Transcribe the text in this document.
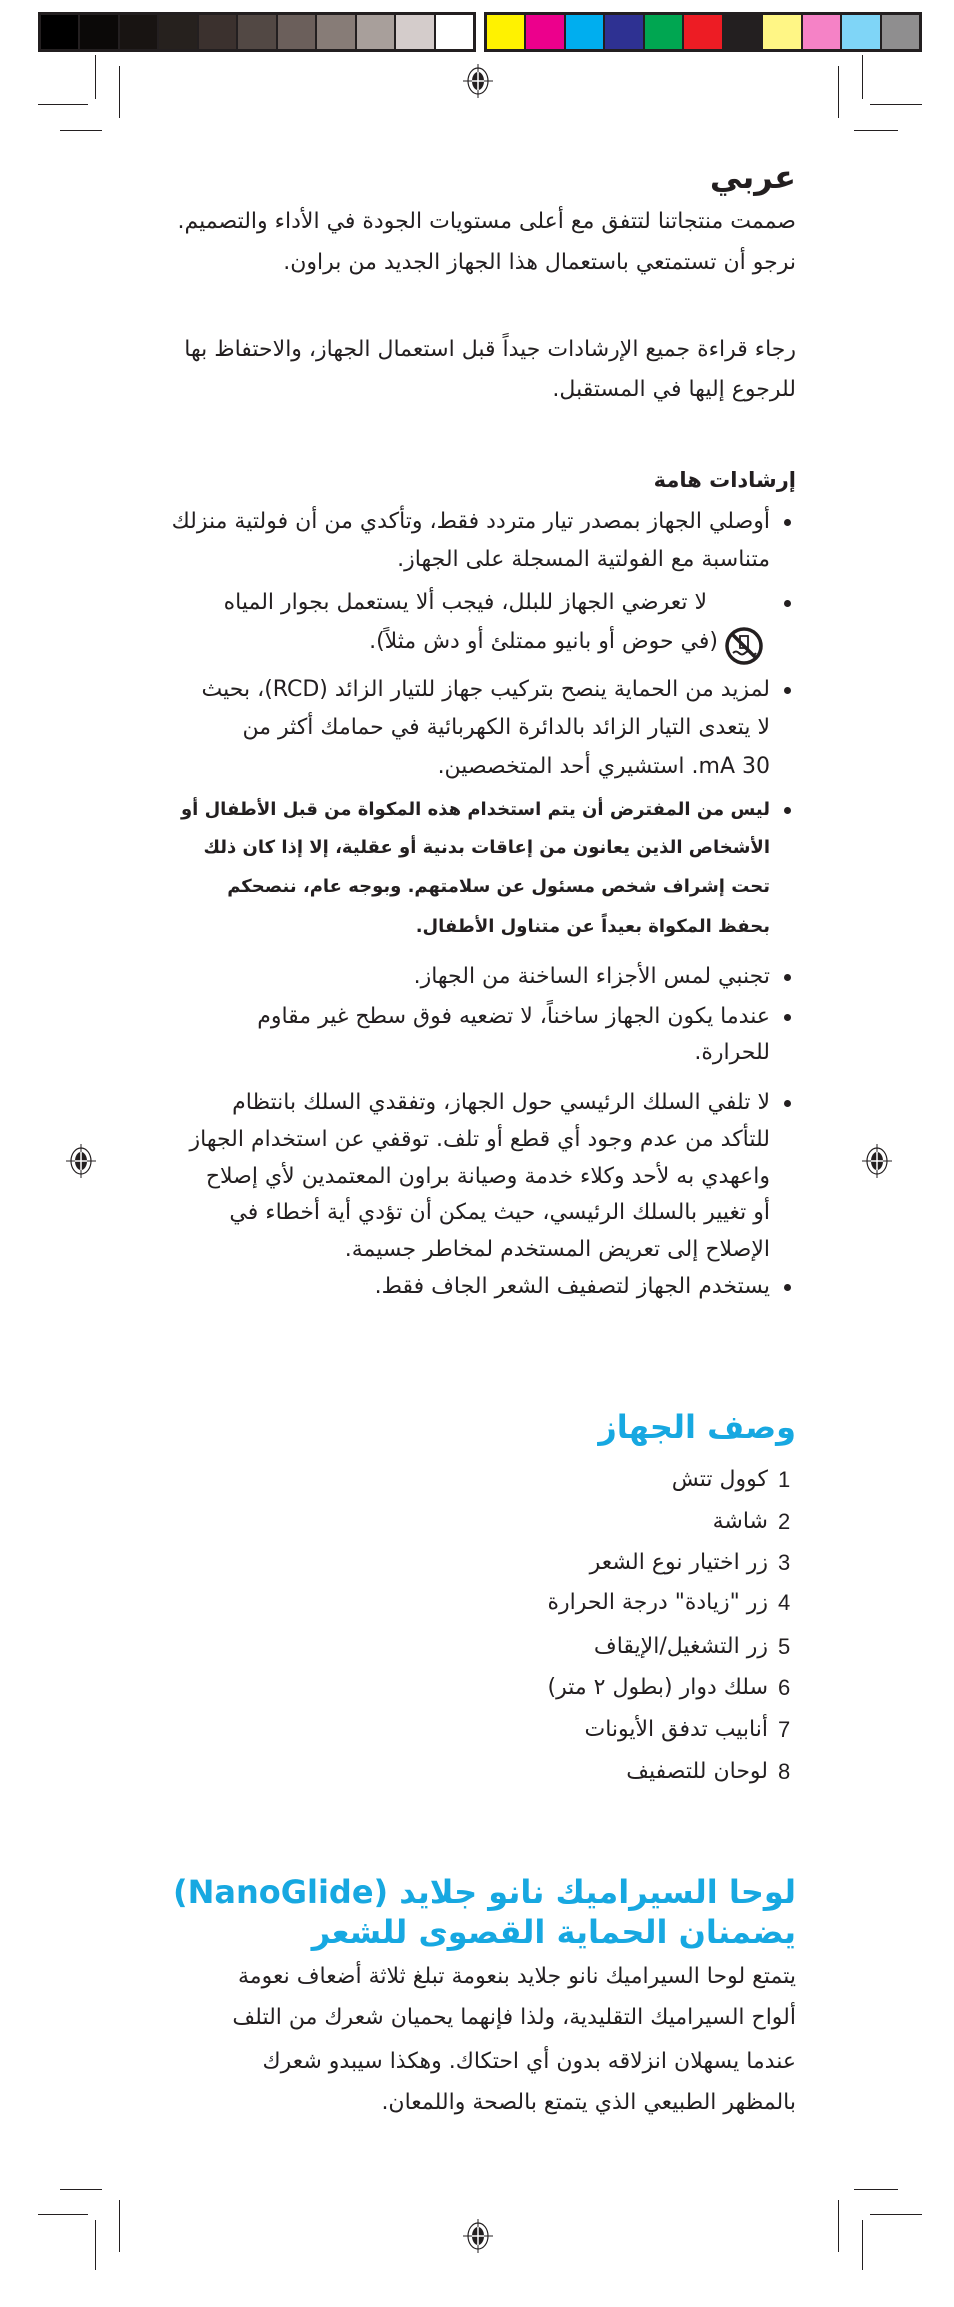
عربي
صممت منتجاتنا لتتفق مع أعلى مستويات الجودة في الأداء والتصميم.
نرجو أن تستمتعي باستعمال هذا الجهاز الجديد من براون.
رجاء قراءة جميع الإرشادات جيداً قبل استعمال الجهاز، والاحتفاظ بها
للرجوع إليها في المستقبل.
إرشادات هامة
أوصلي الجهاز بمصدر تيار متردد فقط، وتأكدي من أن فولتية منزلك
متناسبة مع الفولتية المسجلة على الجهاز.
لا تعرضي الجهاز للبلل، فيجب ألا يستعمل بجوار المياه
(في حوض أو بانيو ممتلئ أو دش مثلاً).
لمزيد من الحماية ينصح بتركيب جهاز للتيار الزائد (RCD)، بحيث
لا يتعدى التيار الزائد بالدائرة الكهربائية في حمامك أكثر من
30 mA. استشيري أحد المتخصصين.
ليس من المفترض أن يتم استخدام هذه المكواة من قبل الأطفال أو
الأشخاص الذين يعانون من إعاقات بدنية أو عقلية، إلا إذا كان ذلك
تحت إشراف شخص مسئول عن سلامتهم. وبوجه عام، ننصحكم
بحفظ المكواة بعيداً عن متناول الأطفال.
تجنبي لمس الأجزاء الساخنة من الجهاز.
عندما يكون الجهاز ساخناً، لا تضعيه فوق سطح غير مقاوم
للحرارة.
لا تلفي السلك الرئيسي حول الجهاز، وتفقدي السلك بانتظام
للتأكد من عدم وجود أي قطع أو تلف. توقفي عن استخدام الجهاز
واعهدي به لأحد وكلاء خدمة وصيانة براون المعتمدين لأي إصلاح
أو تغيير بالسلك الرئيسي، حيث يمكن أن تؤدي أية أخطاء في
الإصلاح إلى تعريض المستخدم لمخاطر جسيمة.
يستخدم الجهاز لتصفيف الشعر الجاف فقط.
وصف الجهاز
1
كوول تتش
2
شاشة
3
زر اختيار نوع الشعر
4
زر "زيادة" درجة الحرارة
5
زر التشغيل/الإيقاف
6
سلك دوار (بطول ٢ متر)
7
أنابيب تدفق الأيونات
8
لوحان للتصفيف
لوحا السيراميك نانو جلايد (NanoGlide)
يضمنان الحماية القصوى للشعر
يتمتع لوحا السيراميك نانو جلايد بنعومة تبلغ ثلاثة أضعاف نعومة
ألواح السيراميك التقليدية، ولذا فإنهما يحميان شعرك من التلف
عندما يسهلان انزلاقه بدون أي احتكاك. وهكذا سيبدو شعرك
بالمظهر الطبيعي الذي يتمتع بالصحة واللمعان.
